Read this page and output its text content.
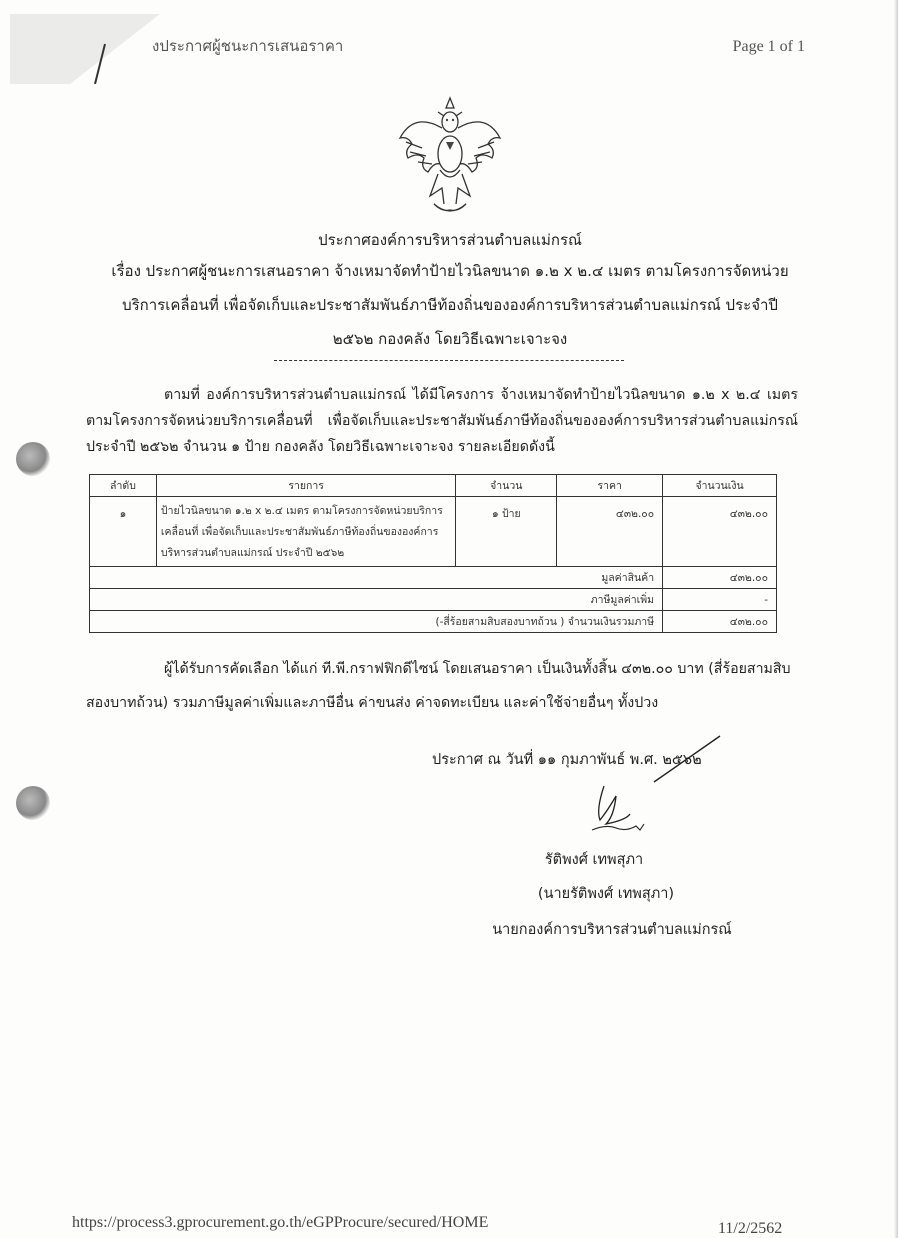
งประกาศผู้ชนะการเสนอราคา	Page 1 of 1
ประกาศองค์การบริหารส่วนตำบลแม่กรณ์
เรื่อง ประกาศผู้ชนะการเสนอราคา จ้างเหมาจัดทำป้ายไวนิลขนาด ๑.๒ x ๒.๔ เมตร ตามโครงการจัดหน่วยบริการเคลื่อนที่ เพื่อจัดเก็บและประชาสัมพันธ์ภาษีท้องถิ่นขององค์การบริหารส่วนตำบลแม่กรณ์ ประจำปี ๒๕๖๒ กองคลัง โดยวิธีเฉพาะเจาะจง
ตามที่ องค์การบริหารส่วนตำบลแม่กรณ์ ได้มีโครงการ จ้างเหมาจัดทำป้ายไวนิลขนาด ๑.๒ x ๒.๔ เมตร ตามโครงการจัดหน่วยบริการเคลื่อนที่ เพื่อจัดเก็บและประชาสัมพันธ์ภาษีท้องถิ่นขององค์การบริหารส่วนตำบลแม่กรณ์ ประจำปี ๒๕๖๒ จำนวน ๑ ป้าย กองคลัง โดยวิธีเฉพาะเจาะจง รายละเอียดดังนี้
ลำดับ	รายการ	จำนวน	ราคา	จำนวนเงิน
๑	ป้ายไวนิลขนาด ๑.๒ x ๒.๔ เมตร ตามโครงการจัดหน่วยบริการเคลื่อนที่ เพื่อจัดเก็บและประชาสัมพันธ์ภาษีท้องถิ่นขององค์การบริหารส่วนตำบลแม่กรณ์ ประจำปี ๒๕๖๒	๑ ป้าย	๔๓๒.๐๐	๔๓๒.๐๐
มูลค่าสินค้า				๔๓๒.๐๐
ภาษีมูลค่าเพิ่ม				-
(-สี่ร้อยสามสิบสองบาทถ้วน ) จำนวนเงินรวมภาษี				๔๓๒.๐๐
ผู้ได้รับการคัดเลือก ได้แก่ ที.พี.กราฟฟิกดีไซน์ โดยเสนอราคา เป็นเงินทั้งสิ้น ๔๓๒.๐๐ บาท (สี่ร้อยสามสิบสองบาทถ้วน) รวมภาษีมูลค่าเพิ่มและภาษีอื่น ค่าขนส่ง ค่าจดทะเบียน และค่าใช้จ่ายอื่นๆ ทั้งปวง
ประกาศ ณ วันที่ ๑๑ กุมภาพันธ์ พ.ศ. ๒๕๖๒
รัติพงศ์ เทพสุภา
(นายรัติพงศ์ เทพสุภา)
นายกองค์การบริหารส่วนตำบลแม่กรณ์
https://process3.gprocurement.go.th/eGPProcure/secured/HOME	11/2/2562
